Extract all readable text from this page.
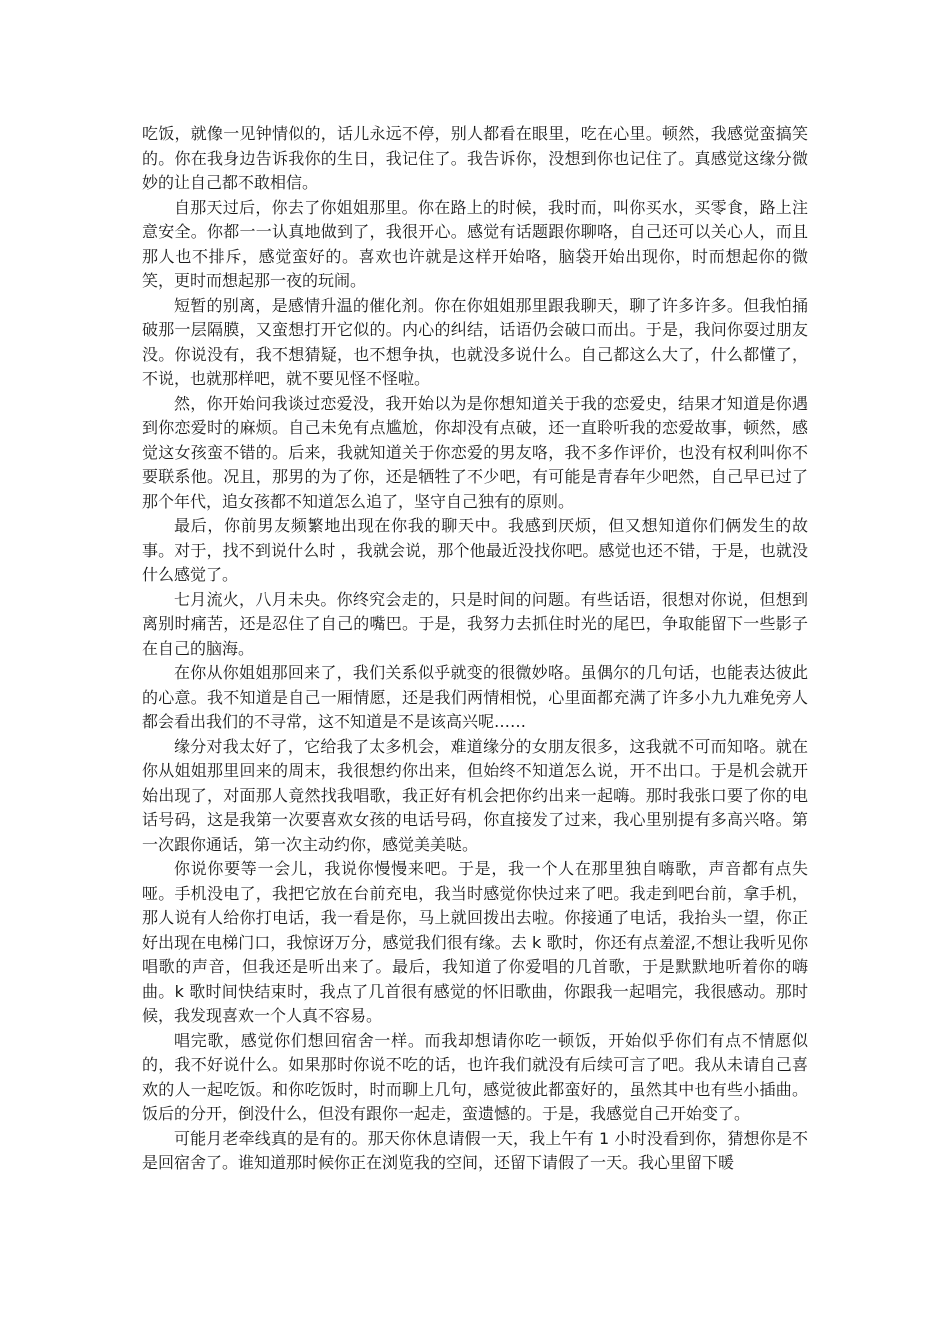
吃饭，就像一见钟情似的，话儿永远不停，别人都看在眼里，吃在心里。顿然，我感觉蛮搞笑的。你在我身边告诉我你的生日，我记住了。我告诉你，没想到你也记住了。真感觉这缘分微妙的让自己都不敢相信。

自那天过后，你去了你姐姐那里。你在路上的时候，我时而，叫你买水，买零食，路上注意安全。你都一一认真地做到了，我很开心。感觉有话题跟你聊咯，自己还可以关心人，而且那人也不排斥，感觉蛮好的。喜欢也许就是这样开始咯，脑袋开始出现你，时而想起你的微笑，更时而想起那一夜的玩闹。

短暂的别离，是感情升温的催化剂。你在你姐姐那里跟我聊天，聊了许多许多。但我怕捅破那一层隔膜，又蛮想打开它似的。内心的纠结，话语仍会破口而出。于是，我问你耍过朋友没。你说没有，我不想猜疑，也不想争执，也就没多说什么。自己都这么大了，什么都懂了，不说，也就那样吧，就不要见怪不怪啦。

然，你开始问我谈过恋爱没，我开始以为是你想知道关于我的恋爱史，结果才知道是你遇到你恋爱时的麻烦。自己未免有点尴尬，你却没有点破，还一直聆听我的恋爱故事，顿然，感觉这女孩蛮不错的。后来，我就知道关于你恋爱的男友咯，我不多作评价，也没有权利叫你不要联系他。况且，那男的为了你，还是牺牲了不少吧，有可能是青春年少吧然，自己早已过了那个年代，追女孩都不知道怎么追了，坚守自己独有的原则。

最后，你前男友频繁地出现在你我的聊天中。我感到厌烦，但又想知道你们俩发生的故事。对于，找不到说什么时 ，我就会说，那个他最近没找你吧。感觉也还不错，于是，也就没什么感觉了。

七月流火，八月未央。你终究会走的，只是时间的问题。有些话语，很想对你说，但想到离别时痛苦，还是忍住了自己的嘴巴。于是，我努力去抓住时光的尾巴，争取能留下一些影子在自己的脑海。

在你从你姐姐那回来了，我们关系似乎就变的很微妙咯。虽偶尔的几句话，也能表达彼此的心意。我不知道是自己一厢情愿，还是我们两情相悦，心里面都充满了许多小九九难免旁人都会看出我们的不寻常，这不知道是不是该高兴呢……

缘分对我太好了，它给我了太多机会，难道缘分的女朋友很多，这我就不可而知咯。就在你从姐姐那里回来的周末，我很想约你出来，但始终不知道怎么说，开不出口。于是机会就开始出现了，对面那人竟然找我唱歌，我正好有机会把你约出来一起嗨。那时我张口要了你的电话号码，这是我第一次要喜欢女孩的电话号码，你直接发了过来，我心里别提有多高兴咯。第一次跟你通话，第一次主动约你，感觉美美哒。

你说你要等一会儿，我说你慢慢来吧。于是，我一个人在那里独自嗨歌，声音都有点失哑。手机没电了，我把它放在台前充电，我当时感觉你快过来了吧。我走到吧台前，拿手机，那人说有人给你打电话，我一看是你，马上就回拨出去啦。你接通了电话，我抬头一望，你正好出现在电梯门口，我惊讶万分，感觉我们很有缘。去 k 歌时，你还有点羞涩,不想让我听见你唱歌的声音，但我还是听出来了。最后，我知道了你爱唱的几首歌，于是默默地听着你的嗨曲。k 歌时间快结束时，我点了几首很有感觉的怀旧歌曲，你跟我一起唱完，我很感动。那时候，我发现喜欢一个人真不容易。

唱完歌，感觉你们想回宿舍一样。而我却想请你吃一顿饭，开始似乎你们有点不情愿似的，我不好说什么。如果那时你说不吃的话，也许我们就没有后续可言了吧。我从未请自己喜欢的人一起吃饭。和你吃饭时，时而聊上几句，感觉彼此都蛮好的，虽然其中也有些小插曲。饭后的分开，倒没什么，但没有跟你一起走，蛮遗憾的。于是，我感觉自己开始变了。

可能月老牵线真的是有的。那天你休息请假一天，我上午有 1 小时没看到你，猜想你是不是回宿舍了。谁知道那时候你正在浏览我的空间，还留下请假了一天。我心里留下暖
